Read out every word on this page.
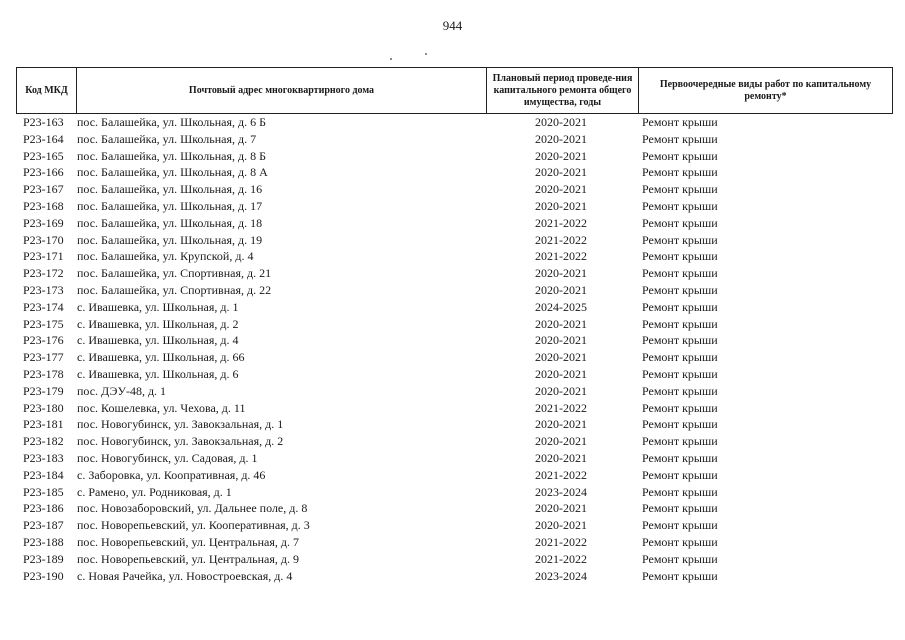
944
Код МКД	Почтовый адрес многоквартирного дома	Плановый период проведе-ния капитального ремонта общего имущества, годы	Первоочередные виды работ по капитальному ремонту*
Р23-163 пос. Балашейка, ул. Школьная, д. 6 Б	2020-2021	Ремонт крыши
Р23-164 пос. Балашейка, ул. Школьная, д. 7	2020-2021	Ремонт крыши
Р23-165 пос. Балашейка, ул. Школьная, д. 8 Б	2020-2021	Ремонт крыши
Р23-166 пос. Балашейка, ул. Школьная, д. 8 А	2020-2021	Ремонт крыши
Р23-167 пос. Балашейка, ул. Школьная, д. 16	2020-2021	Ремонт крыши
Р23-168 пос. Балашейка, ул. Школьная, д. 17	2020-2021	Ремонт крыши
Р23-169 пос. Балашейка, ул. Школьная, д. 18	2021-2022	Ремонт крыши
Р23-170 пос. Балашейка, ул. Школьная, д. 19	2021-2022	Ремонт крыши
Р23-171 пос. Балашейка, ул. Крупской, д. 4	2021-2022	Ремонт крыши
Р23-172 пос. Балашейка, ул. Спортивная, д. 21	2020-2021	Ремонт крыши
Р23-173 пос. Балашейка, ул. Спортивная, д. 22	2020-2021	Ремонт крыши
Р23-174 с. Ивашевка, ул. Школьная, д. 1	2024-2025	Ремонт крыши
Р23-175 с. Ивашевка, ул. Школьная, д. 2	2020-2021	Ремонт крыши
Р23-176 с. Ивашевка, ул. Школьная, д. 4	2020-2021	Ремонт крыши
Р23-177 с. Ивашевка, ул. Школьная, д. 66	2020-2021	Ремонт крыши
Р23-178 с. Ивашевка, ул. Школьная, д. 6	2020-2021	Ремонт крыши
Р23-179 пос. ДЭУ-48, д. 1	2020-2021	Ремонт крыши
Р23-180 пос. Кошелевка, ул. Чехова, д. 11	2021-2022	Ремонт крыши
Р23-181 пос. Новогубинск, ул. Завокзальная, д. 1	2020-2021	Ремонт крыши
Р23-182 пос. Новогубинск, ул. Завокзальная, д. 2	2020-2021	Ремонт крыши
Р23-183 пос. Новогубинск, ул. Садовая, д. 1	2020-2021	Ремонт крыши
Р23-184 с. Заборовка, ул. Коопративная, д. 46	2021-2022	Ремонт крыши
Р23-185 с. Рамено, ул. Родниковая, д. 1	2023-2024	Ремонт крыши
Р23-186 пос. Новозаборовский, ул. Дальнее поле, д. 8	2020-2021	Ремонт крыши
Р23-187 пос. Новорепьевский, ул. Кооперативная, д. 3	2020-2021	Ремонт крыши
Р23-188 пос. Новорепьевский, ул. Центральная, д. 7	2021-2022	Ремонт крыши
Р23-189 пос. Новорепьевский, ул. Центральная, д. 9	2021-2022	Ремонт крыши
Р23-190 с. Новая Рачейка, ул. Новостроевская, д. 4	2023-2024	Ремонт крыши
